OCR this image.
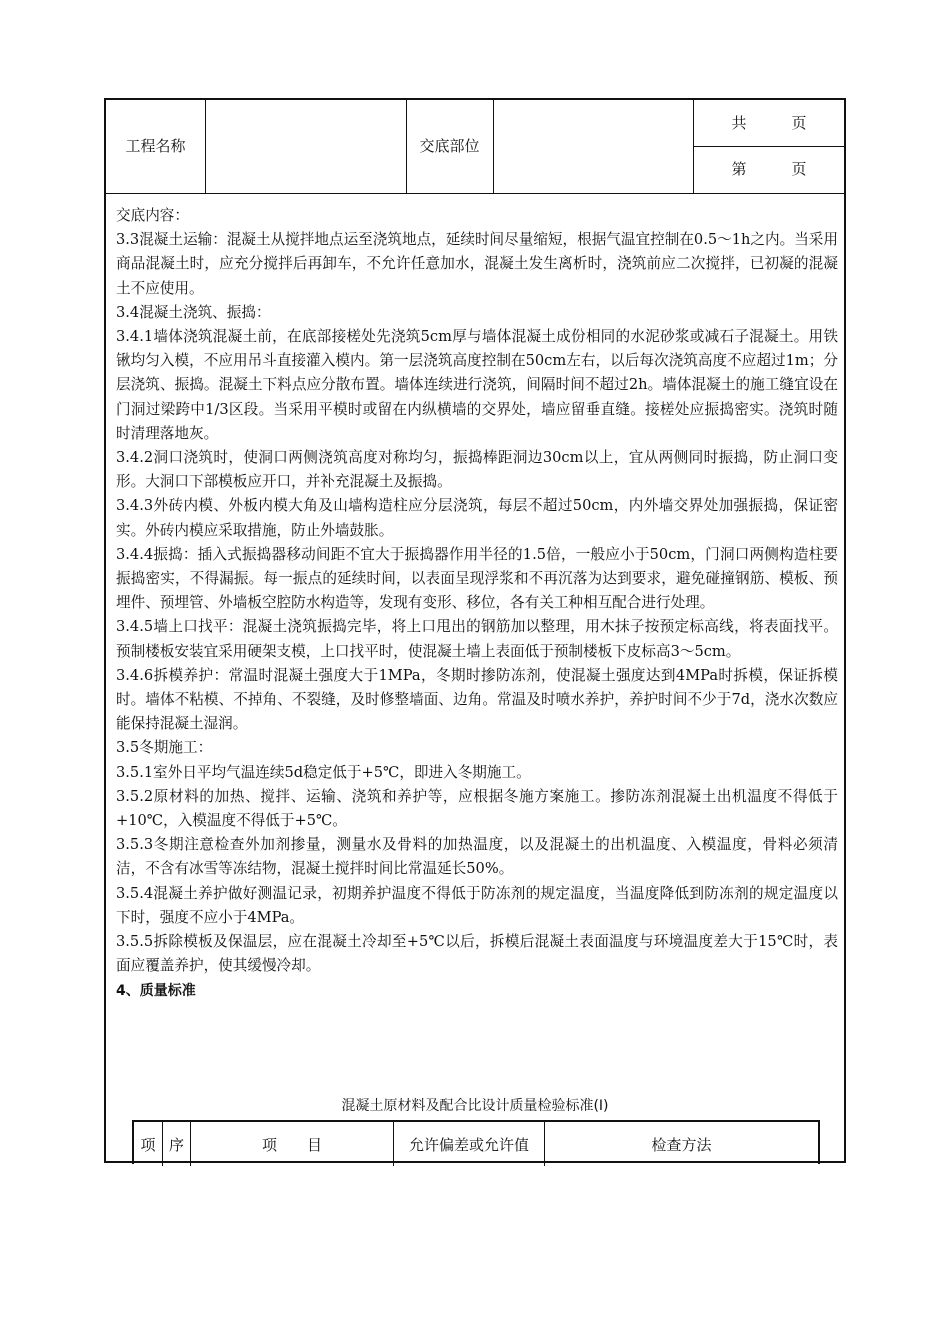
工程名称	交底部位
共　　　页
第　　　页

交底内容：

3.3混凝土运输：混凝土从搅拌地点运至浇筑地点，延续时间尽量缩短，根据气温宜控制在0.5～1h之内。当采用商品混凝土时，应充分搅拌后再卸车，不允许任意加水，混凝土发生离析时，浇筑前应二次搅拌，已初凝的混凝土不应使用。

3.4混凝土浇筑、振捣：

3.4.1墙体浇筑混凝土前，在底部接槎处先浇筑5cm厚与墙体混凝土成份相同的水泥砂浆或减石子混凝土。用铁锹均匀入模，不应用吊斗直接灌入模内。第一层浇筑高度控制在50cm左右，以后每次浇筑高度不应超过1m；分层浇筑、振捣。混凝土下料点应分散布置。墙体连续进行浇筑，间隔时间不超过2h。墙体混凝土的施工缝宜设在门洞过梁跨中1/3区段。当采用平模时或留在内纵横墙的交界处，墙应留垂直缝。接槎处应振捣密实。浇筑时随时清理落地灰。

3.4.2洞口浇筑时，使洞口两侧浇筑高度对称均匀，振捣棒距洞边30cm以上，宜从两侧同时振捣，防止洞口变形。大洞口下部模板应开口，并补充混凝土及振捣。

3.4.3外砖内模、外板内模大角及山墙构造柱应分层浇筑，每层不超过50cm，内外墙交界处加强振捣，保证密实。外砖内模应采取措施，防止外墙鼓胀。

3.4.4振捣：插入式振捣器移动间距不宜大于振捣器作用半径的1.5倍，一般应小于50cm，门洞口两侧构造柱要振捣密实，不得漏振。每一振点的延续时间，以表面呈现浮浆和不再沉落为达到要求，避免碰撞钢筋、模板、预埋件、预埋管、外墙板空腔防水构造等，发现有变形、移位，各有关工种相互配合进行处理。

3.4.5墙上口找平：混凝土浇筑振捣完毕，将上口甩出的钢筋加以整理，用木抹子按预定标高线，将表面找平。预制楼板安装宜采用硬架支模，上口找平时，使混凝土墙上表面低于预制楼板下皮标高3～5cm。

3.4.6拆模养护：常温时混凝土强度大于1MPa，冬期时掺防冻剂，使混凝土强度达到4MPa时拆模，保证拆模时。墙体不粘模、不掉角、不裂缝，及时修整墙面、边角。常温及时喷水养护，养护时间不少于7d，浇水次数应能保持混凝土湿润。

3.5冬期施工：

3.5.1室外日平均气温连续5d稳定低于+5℃，即进入冬期施工。

3.5.2原材料的加热、搅拌、运输、浇筑和养护等，应根据冬施方案施工。掺防冻剂混凝土出机温度不得低于+10℃，入模温度不得低于+5℃。

3.5.3冬期注意检查外加剂掺量，测量水及骨料的加热温度，以及混凝土的出机温度、入模温度，骨料必须清洁，不含有冰雪等冻结物，混凝土搅拌时间比常温延长50%。

3.5.4混凝土养护做好测温记录，初期养护温度不得低于防冻剂的规定温度，当温度降低到防冻剂的规定温度以下时，强度不应小于4MPa。

3.5.5拆除模板及保温层，应在混凝土冷却至+5℃以后，拆模后混凝土表面温度与环境温度差大于15℃时，表面应覆盖养护，使其缓慢冷却。

4、质量标准

混凝土原材料及配合比设计质量检验标准(I)
项 序	项　　目	允许偏差或允许值	检查方法
